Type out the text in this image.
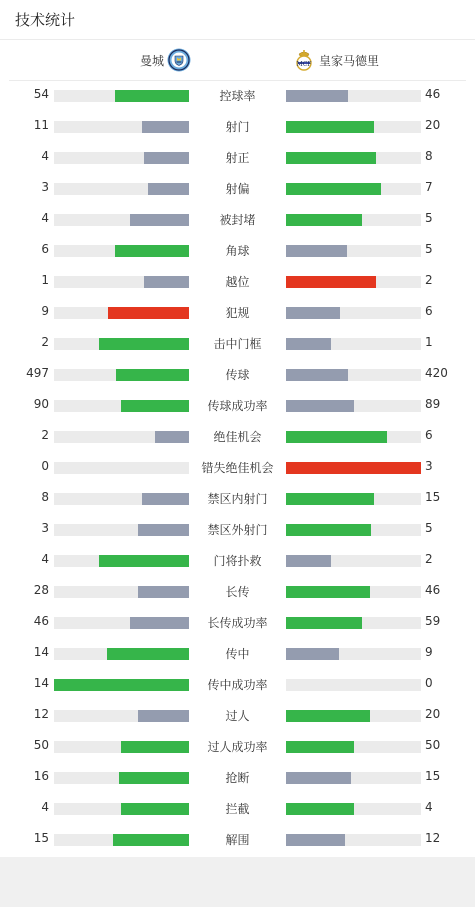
技术统计
曼城	MCF 皇家马德里
54	控球率	46
11	射门	20
4	射正	8
3	射偏	7
4	被封堵	5
6	角球	5
1	越位	2
9	犯规	6
2	击中门框	1
497	传球	420
90	传球成功率	89
2	绝佳机会	6
0	错失绝佳机会	3
8	禁区内射门	15
3	禁区外射门	5
4	门将扑救	2
28	长传	46
46	长传成功率	59
14	传中	9
14	传中成功率	0
12	过人	20
50	过人成功率	50
16	抢断	15
4	拦截	4
15	解围	12
